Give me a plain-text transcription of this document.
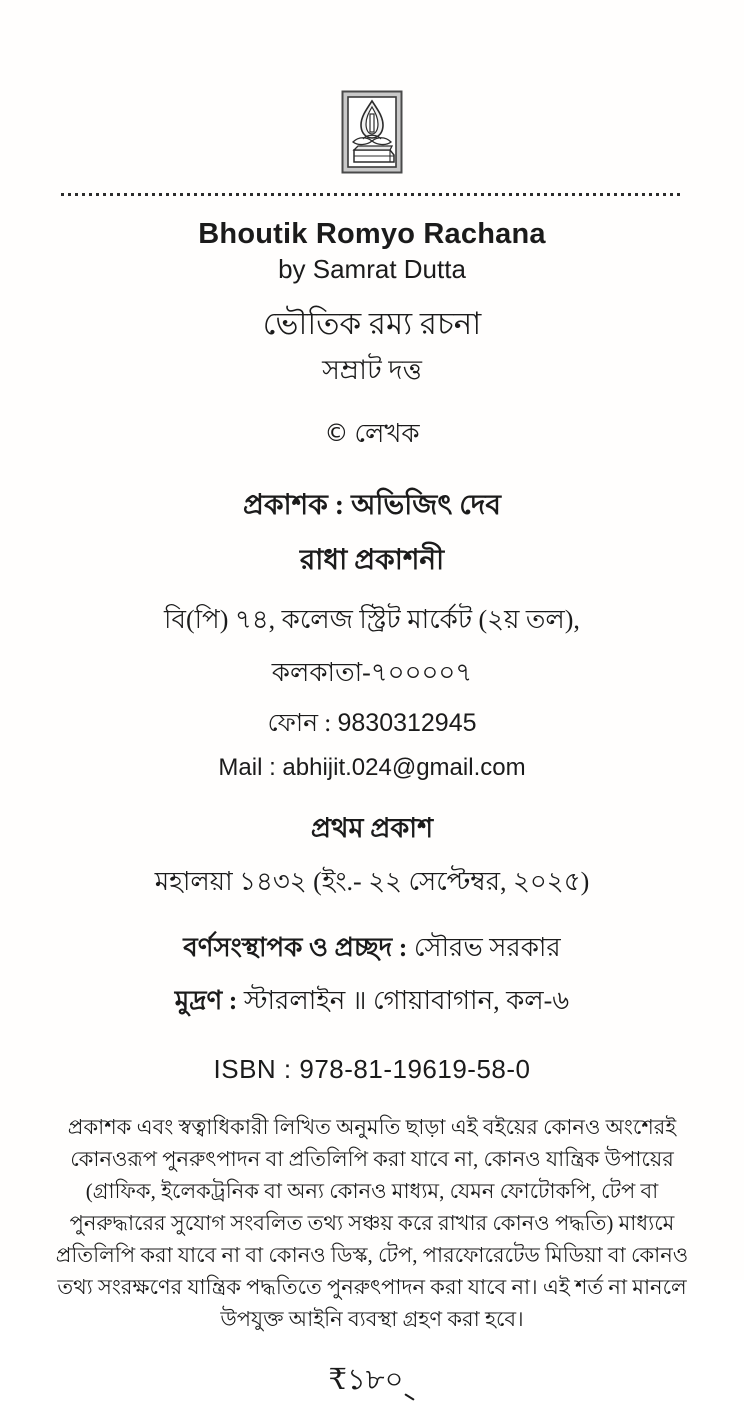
Bhoutik Romyo Rachana
by Samrat Dutta
ভৌতিক রম্য রচনা
সম্রাট দত্ত
©লেখক
প্রকাশক : অভিজিৎ দেব
রাধা প্রকাশনী
বি(পি) ৭৪, কলেজ স্ট্রিট মার্কেট (২য় তল),
কলকাতা-৭০০০০৭
ফোন : 9830312945
Mail : abhijit.024@gmail.com
প্রথম প্রকাশ
মহালয়া ১৪৩২ (ইং.- ২২ সেপ্টেম্বর, ২০২৫)
বর্ণসংস্থাপক ও প্রচ্ছদ : সৌরভ সরকার
মুদ্রণ : স্টারলাইন ॥ গোয়াবাগান, কল-৬
ISBN : 978-81-19619-58-0
প্রকাশক এবং স্বত্বাধিকারী লিখিত অনুমতি ছাড়া এই বইয়ের কোনও অংশেরই
কোনওরূপ পুনরুৎপাদন বা প্রতিলিপি করা যাবে না, কোনও যান্ত্রিক উপায়ের
(গ্রাফিক, ইলেকট্রনিক বা অন্য কোনও মাধ্যম, যেমন ফোটোকপি, টেপ বা
পুনরুদ্ধারের সুযোগ সংবলিত তথ্য সঞ্চয় করে রাখার কোনও পদ্ধতি) মাধ্যমে
প্রতিলিপি করা যাবে না বা কোনও ডিস্ক, টেপ, পারফোরেটেড মিডিয়া বা কোনও
তথ্য সংরক্ষণের যান্ত্রিক পদ্ধতিতে পুনরুৎপাদন করা যাবে না। এই শর্ত না মানলে
উপযুক্ত আইনি ব্যবস্থা গ্রহণ করা হবে।
₹১৮০
